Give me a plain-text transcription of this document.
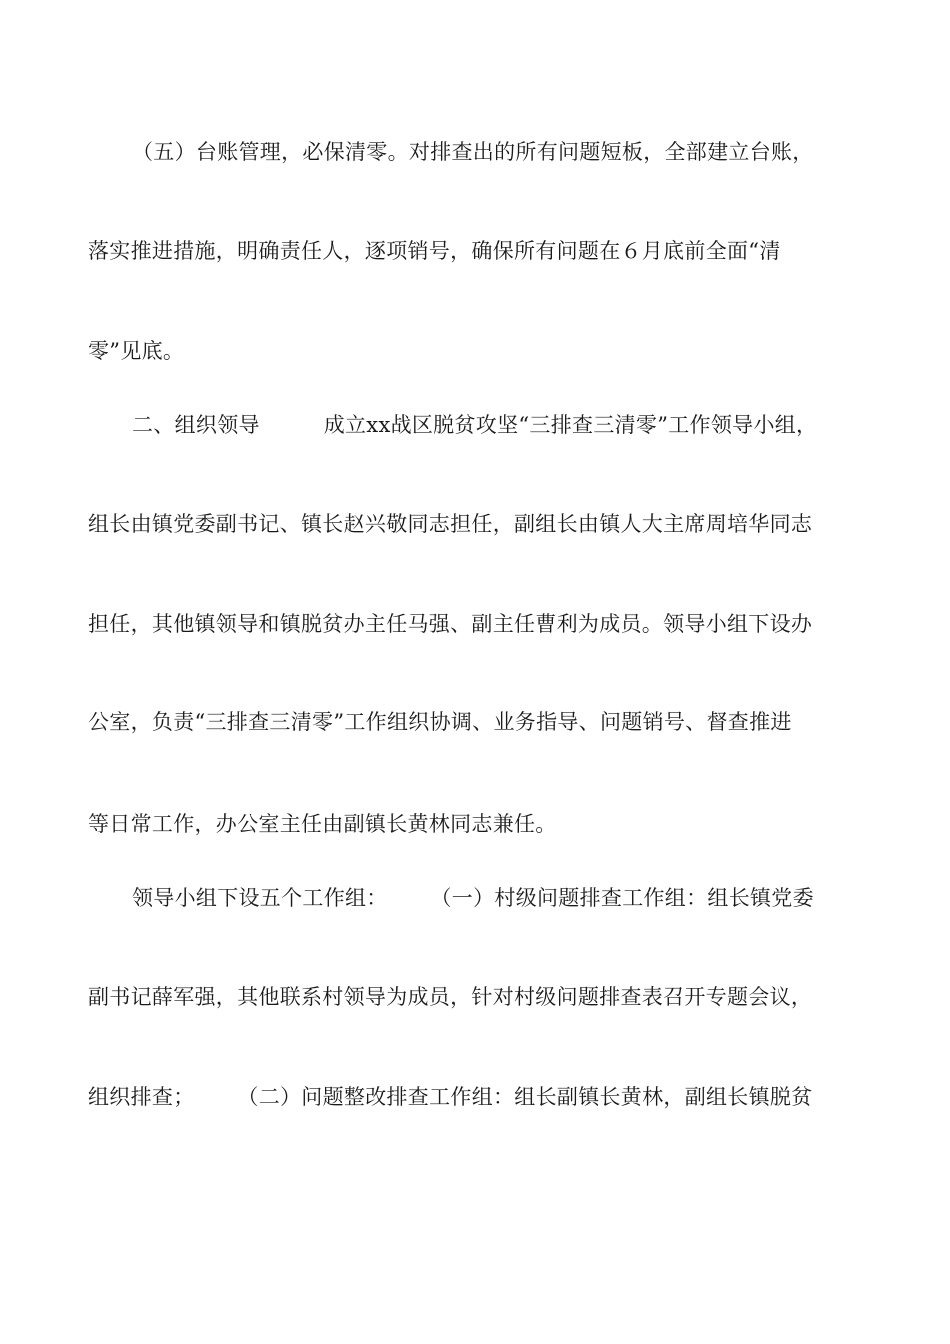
（五）台账管理，必保清零。对排查出的所有问题短板，全部建立台账，
落实推进措施，明确责任人，逐项销号，确保所有问题在６月底前全面“清
零”见底。
二、组织领导　　　成立xx战区脱贫攻坚“三排查三清零”工作领导小组，
组长由镇党委副书记、镇长赵兴敬同志担任，副组长由镇人大主席周培华同志
担任，其他镇领导和镇脱贫办主任马强、副主任曹利为成员。领导小组下设办
公室，负责“三排查三清零”工作组织协调、业务指导、问题销号、督查推进
等日常工作，办公室主任由副镇长黄林同志兼任。
领导小组下设五个工作组：　　　（一）村级问题排查工作组：组长镇党委
副书记薛军强，其他联系村领导为成员，针对村级问题排查表召开专题会议，
组织排查；　　　（二）问题整改排查工作组：组长副镇长黄林，副组长镇脱贫
